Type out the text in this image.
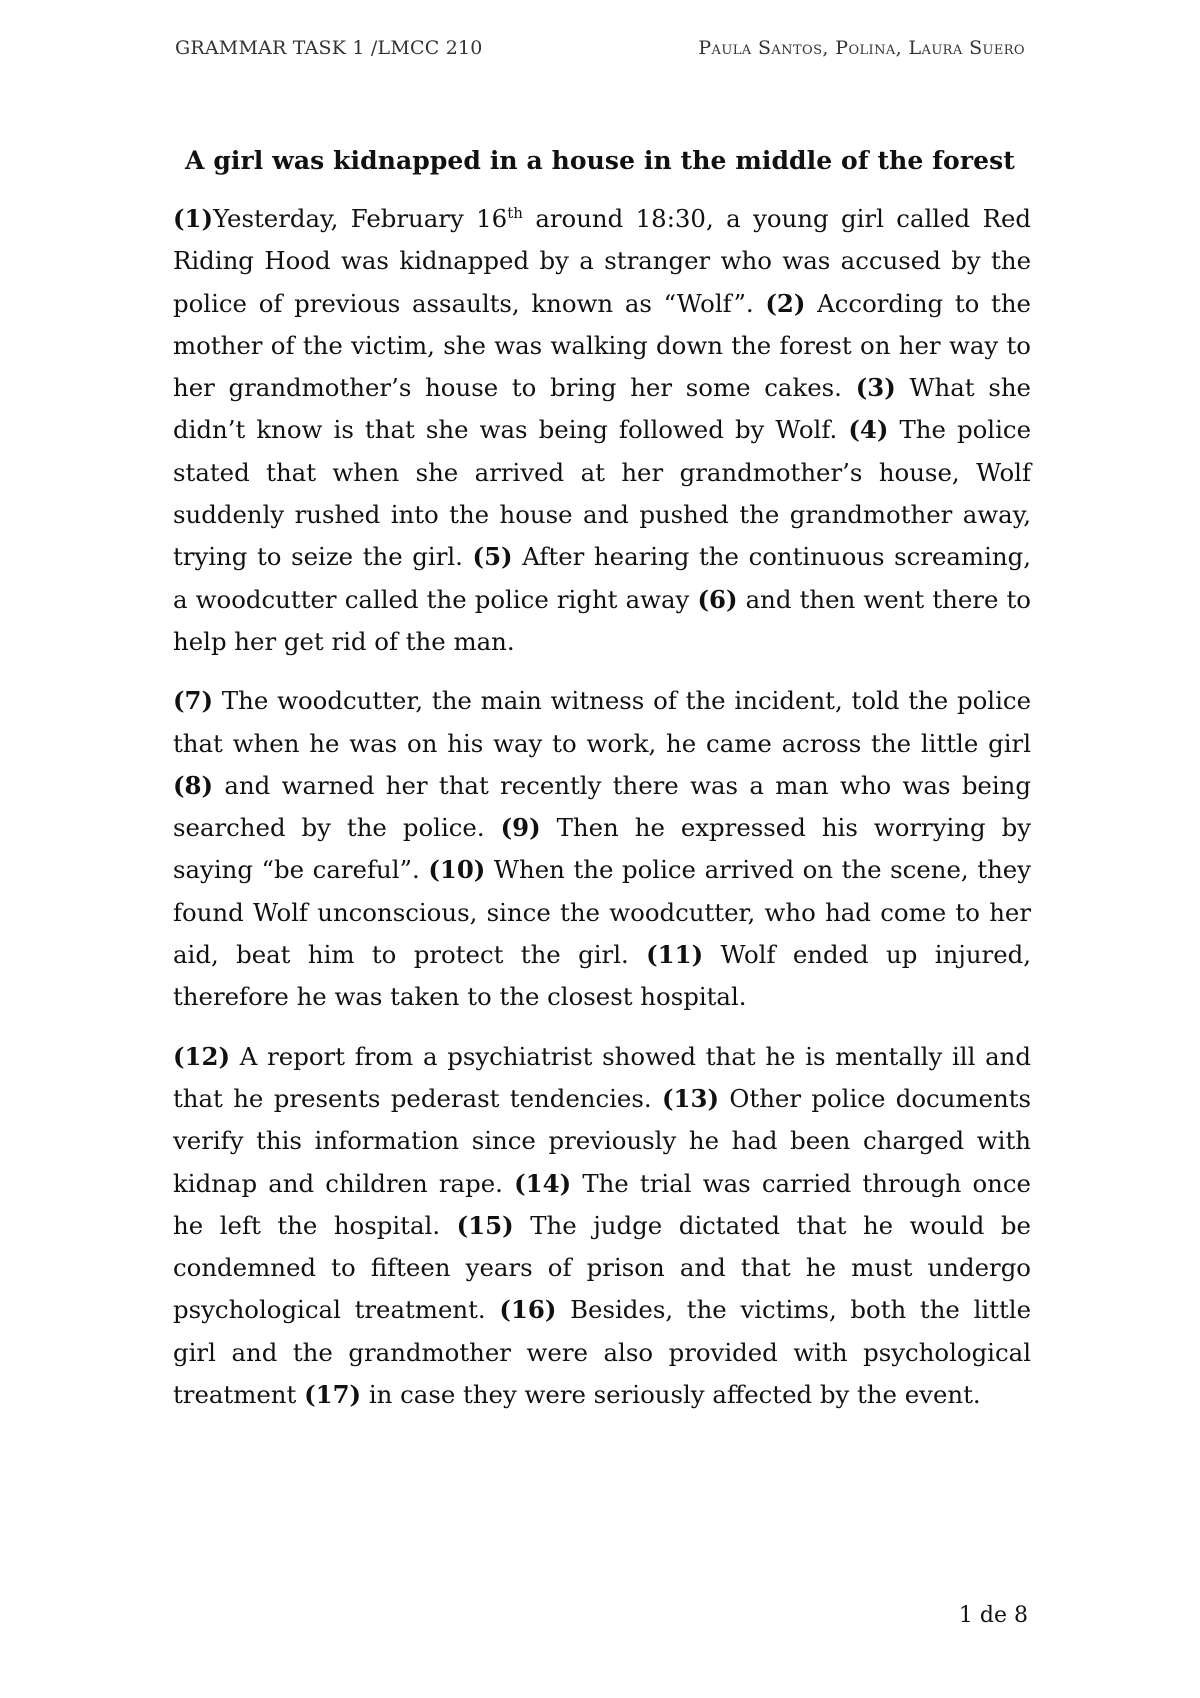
GRAMMAR TASK 1 /LMCC 210	Paula Santos, Polina, Laura Suero
A girl was kidnapped in a house in the middle of the forest

(1)Yesterday, February 16th around 18:30, a young girl called Red Riding Hood was kidnapped by a stranger who was accused by the police of previous assaults, known as “Wolf”. (2) According to the mother of the victim, she was walking down the forest on her way to her grandmother’s house to bring her some cakes. (3) What she didn’t know is that she was being followed by Wolf. (4) The police stated that when she arrived at her grandmother’s house, Wolf suddenly rushed into the house and pushed the grandmother away, trying to seize the girl. (5) After hearing the continuous screaming, a woodcutter called the police right away (6) and then went there to help her get rid of the man.

(7) The woodcutter, the main witness of the incident, told the police that when he was on his way to work, he came across the little girl (8) and warned her that recently there was a man who was being searched by the police. (9) Then he expressed his worrying by saying “be careful”. (10) When the police arrived on the scene, they found Wolf unconscious, since the woodcutter, who had come to her aid, beat him to protect the girl. (11) Wolf ended up injured, therefore he was taken to the closest hospital.

(12) A report from a psychiatrist showed that he is mentally ill and that he presents pederast tendencies. (13) Other police documents verify this information since previously he had been charged with kidnap and children rape. (14) The trial was carried through once he left the hospital. (15) The judge dictated that he would be condemned to fifteen years of prison and that he must undergo psychological treatment. (16) Besides, the victims, both the little girl and the grandmother were also provided with psychological treatment (17) in case they were seriously affected by the event.

1 de 8
